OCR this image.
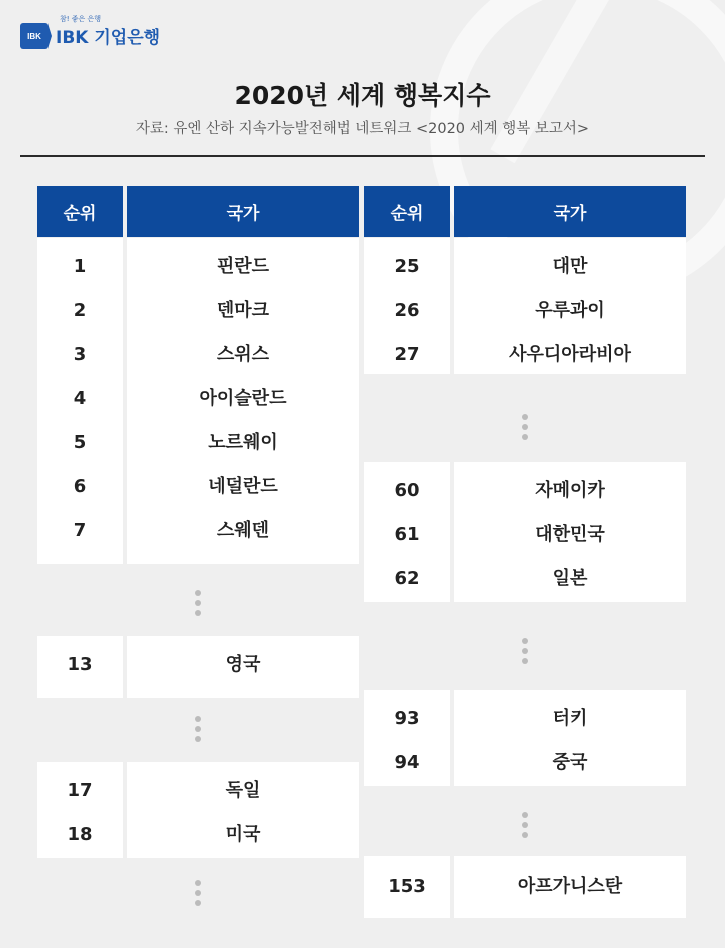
IBK
참! 좋은 은행
IBK 기업은행
2020년 세계 행복지수
자료: 유엔 산하 지속가능발전해법 네트워크 <2020 세계 행복 보고서>
순위	국가	순위	국가
1	핀란드
2	덴마크
3	스위스
4	아이슬란드
5	노르웨이
6	네덜란드
7	스웨덴
13	영국
17	독일
18	미국
25	대만
26	우루과이
27	사우디아라비아
60	자메이카
61	대한민국
62	일본
93	터키
94	중국
153	아프가니스탄
